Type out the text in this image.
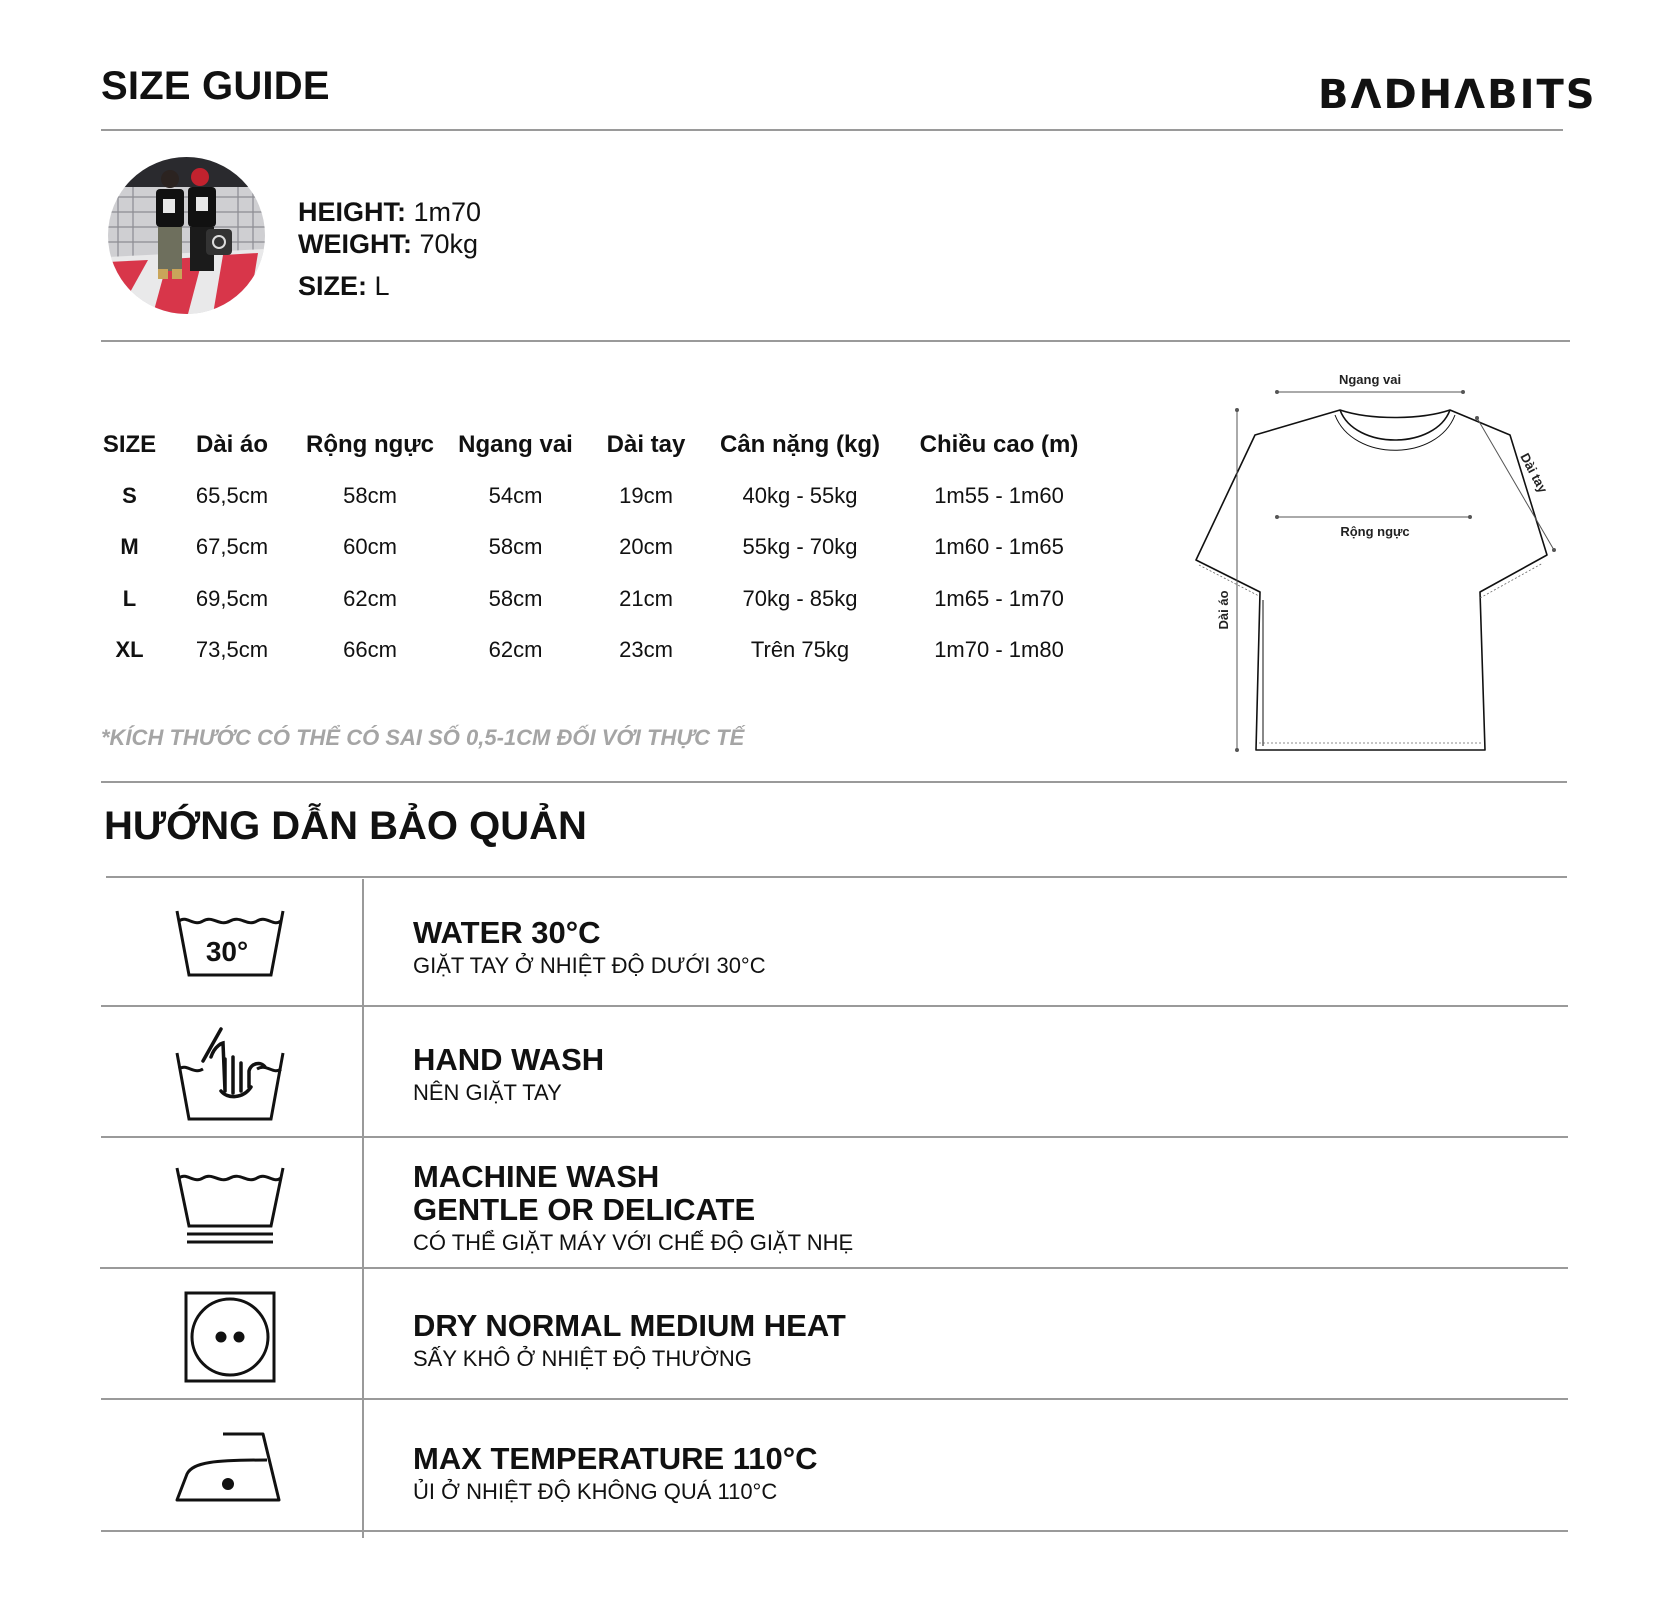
SIZE GUIDE	BΛDHΛBITS
HEIGHT: 1m70
WEIGHT: 70kg
SIZE: L
SIZE	Dài áo	Rộng ngực	Ngang vai	Dài tay	Cân nặng (kg)	Chiều cao (m)
S	65,5cm	58cm	54cm	19cm	40kg - 55kg	1m55 - 1m60
M	67,5cm	60cm	58cm	20cm	55kg - 70kg	1m60 - 1m65
L	69,5cm	62cm	58cm	21cm	70kg - 85kg	1m65 - 1m70
XL	73,5cm	66cm	62cm	23cm	Trên 75kg	1m70 - 1m80
*KÍCH THƯỚC CÓ THỂ CÓ SAI SỐ 0,5-1CM ĐỐI VỚI THỰC TẾ
Ngang vai
Rộng ngực
Dài tay
Dài áo
HƯỚNG DẪN BẢO QUẢN
30°
WATER 30°C
GIẶT TAY Ở NHIỆT ĐỘ DƯỚI 30°C
HAND WASH
NÊN GIẶT TAY
MACHINE WASH
GENTLE OR DELICATE
CÓ THỂ GIẶT MÁY VỚI CHẾ ĐỘ GIẶT NHẸ
DRY NORMAL MEDIUM HEAT
SẤY KHÔ Ở NHIỆT ĐỘ THƯỜNG
MAX TEMPERATURE 110°C
ỦI Ở NHIỆT ĐỘ KHÔNG QUÁ 110°C
